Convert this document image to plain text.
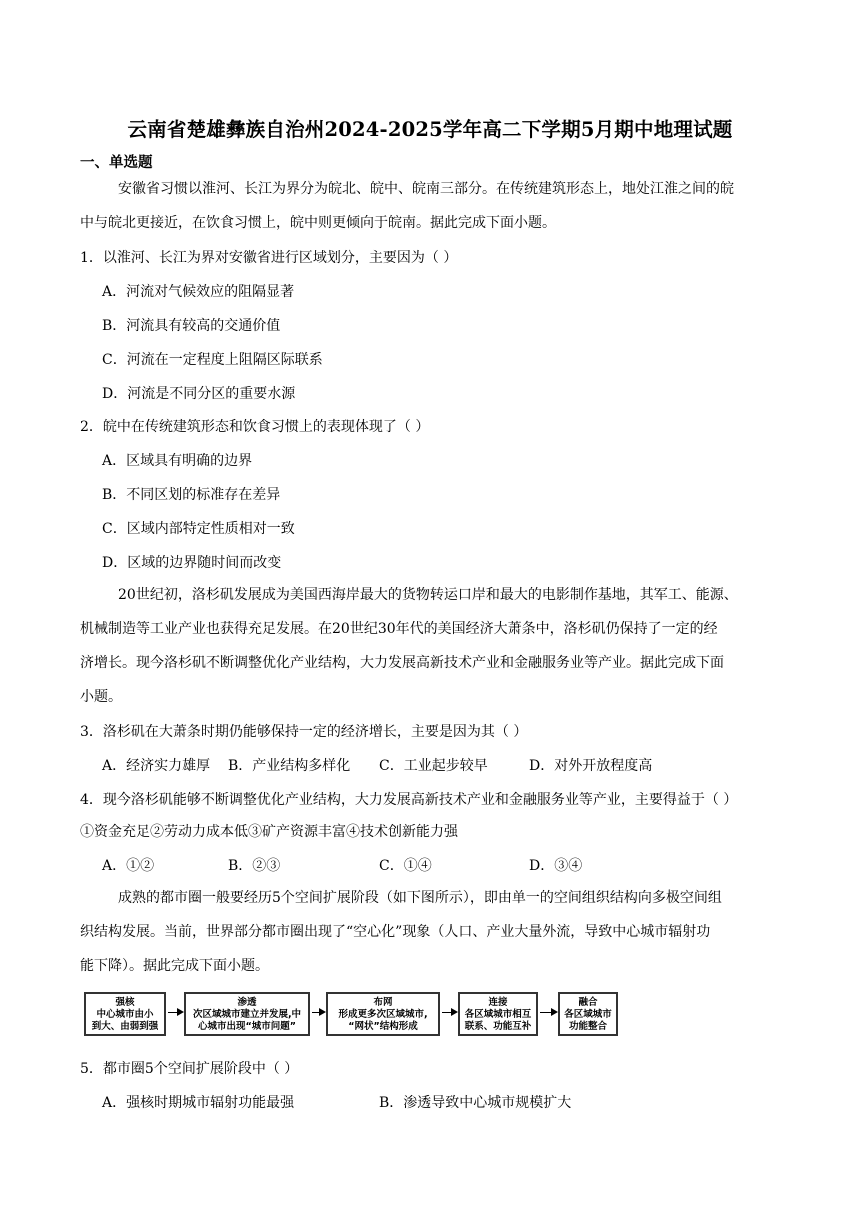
云南省楚雄彝族自治州2024-2025学年高二下学期5月期中地理试题
一、单选题
安徽省习惯以淮河、长江为界分为皖北、皖中、皖南三部分。在传统建筑形态上，地处江淮之间的皖
中与皖北更接近，在饮食习惯上，皖中则更倾向于皖南。据此完成下面小题。
1．以淮河、长江为界对安徽省进行区域划分，主要因为（ ）
A．河流对气候效应的阻隔显著
B．河流具有较高的交通价值
C．河流在一定程度上阻隔区际联系
D．河流是不同分区的重要水源
2．皖中在传统建筑形态和饮食习惯上的表现体现了（ ）
A．区域具有明确的边界
B．不同区划的标准存在差异
C．区域内部特定性质相对一致
D．区域的边界随时间而改变
20世纪初，洛杉矶发展成为美国西海岸最大的货物转运口岸和最大的电影制作基地，其军工、能源、
机械制造等工业产业也获得充足发展。在20世纪30年代的美国经济大萧条中，洛杉矶仍保持了一定的经
济增长。现今洛杉矶不断调整优化产业结构，大力发展高新技术产业和金融服务业等产业。据此完成下面
小题。
3．洛杉矶在大萧条时期仍能够保持一定的经济增长，主要是因为其（ ）
A．经济实力雄厚 B．产业结构多样化 C．工业起步较早	D．对外开放程度高
4．现今洛杉矶能够不断调整优化产业结构，大力发展高新技术产业和金融服务业等产业，主要得益于（ ）
①资金充足②劳动力成本低③矿产资源丰富④技术创新能力强
A．①②	B．②③	C．①④	D．③④
成熟的都市圈一般要经历5个空间扩展阶段（如下图所示），即由单一的空间组织结构向多极空间组
织结构发展。当前，世界部分都市圈出现了“空心化”现象（人口、产业大量外流，导致中心城市辐射功
能下降）。据此完成下面小题。
强核
中心城市由小
到大、由弱到强
渗透
次区域城市建立并发展,中
心城市出现“城市问题”
布网
形成更多次区域城市,
“网状”结构形成
连接
各区域城市相互
联系、功能互补
融合
各区域城市
功能整合
5．都市圈5个空间扩展阶段中（ ）
A．强核时期城市辐射功能最强	B．渗透导致中心城市规模扩大
